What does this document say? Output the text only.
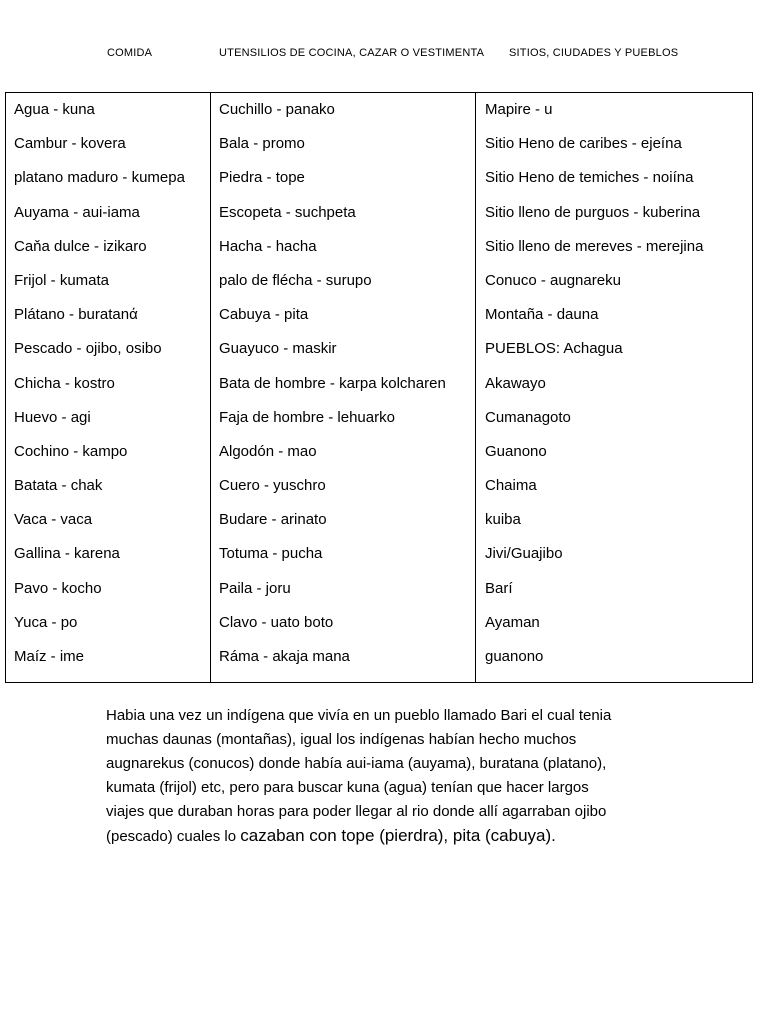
COMIDA	UTENSILIOS DE COCINA, CAZAR O VESTIMENTA SITIOS, CIUDADES Y PUEBLOS
Agua - kuna
Cambur - kovera
platano maduro - kumepa
Auyama - aui-iama
Caňa dulce - izikaro
Frijol - kumata
Plátano - buratanά
Pescado - ojibo, osibo
Chicha - kostro
Huevo - agi
Cochino - kampo
Batata - chak
Vaca - vaca
Gallina - karena
Pavo - kocho
Yuca - po
Maíz - ime
Cuchillo - panako
Bala - promo
Piedra - tope
Escopeta - suchpeta
Hacha - hacha
palo de flécha - surupo
Cabuya - pita
Guayuco - maskir
Bata de hombre - karpa kolcharen
Faja de hombre - lehuarko
Algodón - mao
Cuero - yuschro
Budare - arinato
Totuma - pucha
Paila - joru
Clavo - uato boto
Ráma - akaja mana
Mapire - u
Sitio Heno de caribes - ejeína
Sitio Heno de temiches - noiína
Sitio lleno de purguos - kuberina
Sitio lleno de mereves - merejina
Conuco - augnareku
Montaña - dauna
PUEBLOS: Achagua
Akawayo
Cumanagoto
Guanono
Chaima
kuiba
Jivi/Guajibo
Barí
Ayaman
guanono
Habia una vez un indígena que vivía en un pueblo llamado Bari el cual tenia
muchas daunas (montañas), igual los indígenas habían hecho muchos
augnarekus (conucos) donde había aui-iama (auyama), buratana (platano),
kumata (frijol) etc, pero para buscar kuna (agua) tenían que hacer largos
viajes que duraban horas para poder llegar al rio donde allí agarraban ojibo
(pescado) cuales lo cazaban con tope (pierdra), pita (cabuya).
